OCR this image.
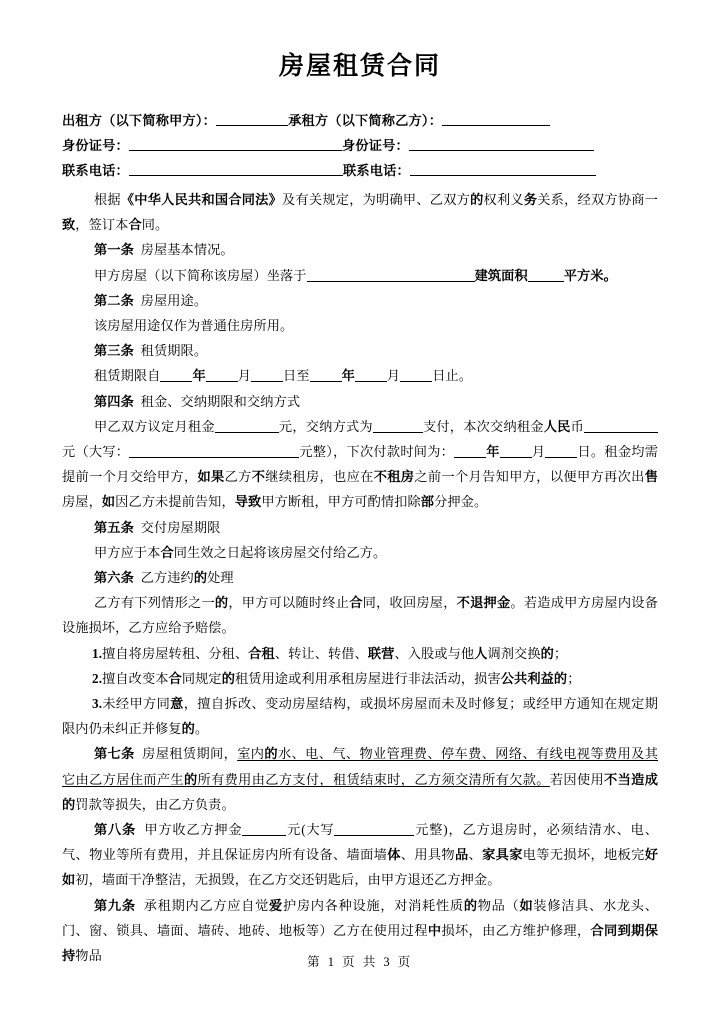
房屋租赁合同
出租方（以下简称甲方）：	承租方（以下简称乙方）：
身份证号：	身份证号：
联系电话：	联系电话：

根据《中华人民共和国合同法》及有关规定，为明确甲、乙双方的权利义务关系，经双方协商一致，签订本合同。

第一条 房屋基本情况。

甲方房屋（以下简称该房屋）坐落于	建筑面积	平方米。

第二条 房屋用途。

该房屋用途仅作为普通住房所用。

第三条 租赁期限。

租赁期限自 年 月 日至 年 月 日止。

第四条 租金、交纳期限和交纳方式

甲乙双方议定月租金	元，交纳方式为	支付，本次交纳租金人民币元（大写：	元整），下次付款时间为： 年 月 日。租金均需提前一个月交给甲方，如果乙方不继续租房，也应在不租房之前一个月告知甲方，以便甲方再次出售房屋，如因乙方未提前告知，导致甲方断租，甲方可酌情扣除部分押金。

第五条 交付房屋期限

甲方应于本合同生效之日起将该房屋交付给乙方。

第六条 乙方违约的处理

乙方有下列情形之一的，甲方可以随时终止合同，收回房屋，不退押金。若造成甲方房屋内设备设施损坏，乙方应给予赔偿。

1.擅自将房屋转租、分租、合租、转让、转借、联营、入股或与他人调剂交换的；

2.擅自改变本合同规定的租赁用途或利用承租房屋进行非法活动，损害公共利益的；

3.未经甲方同意，擅自拆改、变动房屋结构，或损坏房屋而未及时修复；或经甲方通知在规定期限内仍未纠正并修复的。

第七条 房屋租赁期间，室内的水、电、气、物业管理费、停车费、网络、有线电视等费用及其它由乙方居住而产生的所有费用由乙方支付，租赁结束时，乙方须交清所有欠款。若因使用不当造成的罚款等损失，由乙方负责。

第八条 甲方收乙方押金	元(大写	元整)，乙方退房时，必须结清水、电、气、物业等所有费用，并且保证房内所有设备、墙面墙体、用具物品、家具家电等无损坏，地板完好如初，墙面干净整洁，无损毁，在乙方交还钥匙后，由甲方退还乙方押金。

第九条 承租期内乙方应自觉爱护房内各种设施，对消耗性质的物品（如装修洁具、水龙头、门、窗、锁具、墙面、墙砖、地砖、地板等）乙方在使用过程中损坏，由乙方维护修理，合同到期保持物品	第 1 页 共 3 页
